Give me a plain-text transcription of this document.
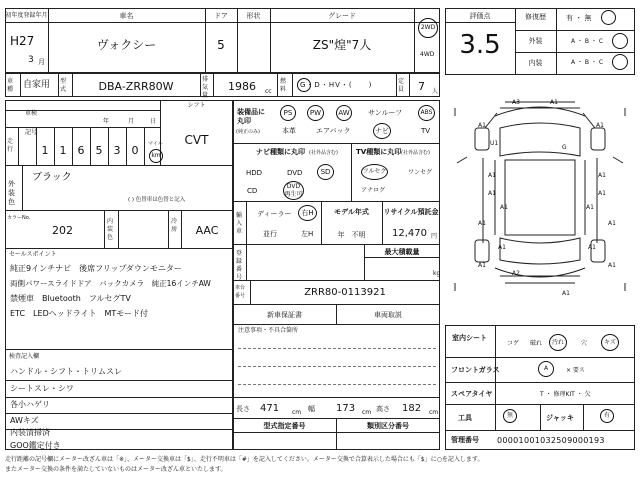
初年度登録年月
H27
3 月
車名
ヴォクシー
ドア
5
形状	グレード
ZS"煌"7人
2WD
4WD
車種	自家用 型式	DBA-ZRR80W
排気量
1986 cc
燃料
G・D・HV・(　　)	定員	7 人
車検
年	月	日
シフト
CVT
走行
記号
1 1 6 5 3 0	マイル
km
外装色
ブラック
( ) 色替車は色替と記入
カラーNo.
202
内装色
冷房	AAC
セールスポイント
純正9インチナビ　後席フリップダウンモニター
両側パワースライドドア　バックカメラ　純正16インチAW
禁煙車　Bluetooth　フルセグTV
ETC　LEDヘッドライト　MTモード付
検査記入欄
ハンドル・シフト・トリムスレ
シートスレ・シワ
各小ハゲリ
AWキズ
内装清掃済
GOO鑑定付き
装備品に丸印
(純正のみ)
PS	PW	AW	サンルーフ	ABS
本革	エアバック	ナビ	TV
ナビ種類に丸印 (社外品含む)	TV種類に丸印 (社外品含む)
HDD	DVD	SD
CD
DVD再生可
フルセグ	ワンセグ
アナログ
輸入車
ディーラー
並行
右H
左H
モデル年式
年　不明
リサイクル預託金
12,470 円
登録番号
最大積載量
kg
車台番号	ZRR80-0113921
新車保証書	車両取説
注意事項・不具合箇所
長さ 471 cm 幅 173 cm 高さ 182 cm
型式指定番号	類別区分番号
評価点
3.5
修復歴	有 ・ 無
外装	A ・ B ・ C
内装	A ・ B ・ C
A3	A1
A1
U1
A1
A1	A1
A1	A1
A1	A1
A1	A1
A1	A1
A2
A1	A1
G
A1
室内シート
コゲ 破れ	汚れ	穴	キズ
フロントガラス	A	× 要ス
スペアタイヤ	T ・ 修理KIT ・ 欠
工具	無	ジャッキ	有
管理番号 00001001032509000193
走行距離の記号欄にメーター改ざん車は「※」、メーター交換車は「$」、走行不明車は「#」を記入してください。メーター交換で合算表示した場合にも「$」に○を記入します。
またメーター交換の条件を満たしていないものはメーター改ざん車といたします。
